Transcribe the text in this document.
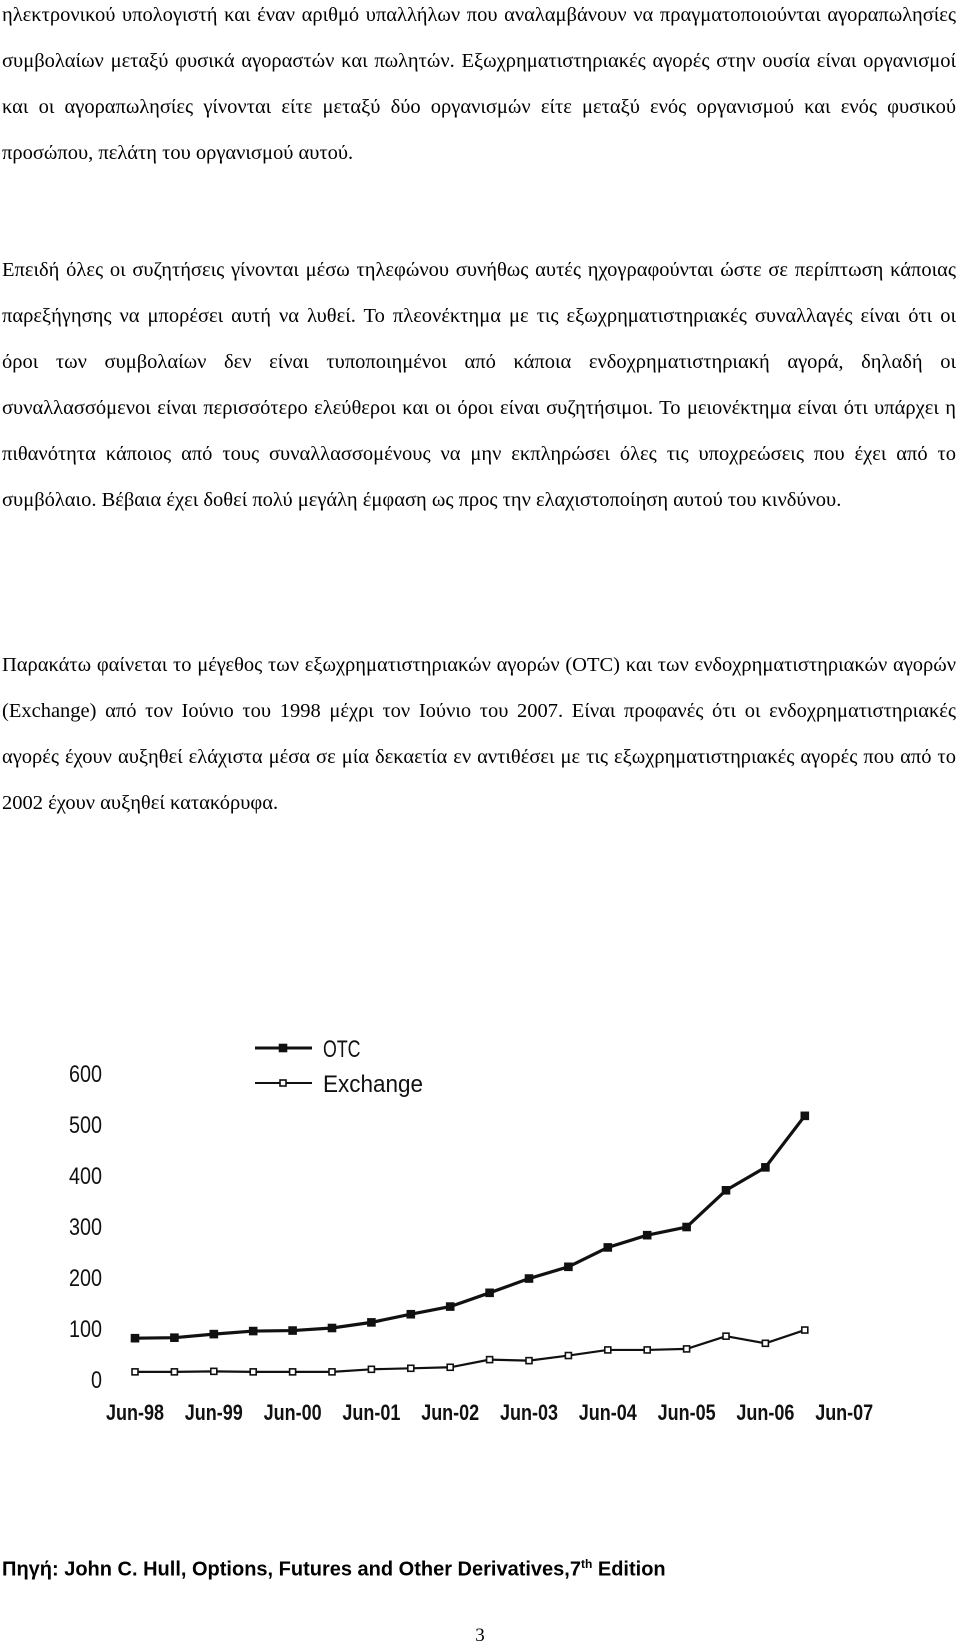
ηλεκτρονικού υπολογιστή και έναν αριθμό υπαλλήλων που αναλαμβάνουν να πραγματοποιούνται αγοραπωλησίες συμβολαίων μεταξύ φυσικά αγοραστών και πωλητών. Εξωχρηματιστηριακές αγορές στην ουσία είναι οργανισμοί και οι αγοραπωλησίες γίνονται είτε μεταξύ δύο οργανισμών είτε μεταξύ ενός οργανισμού και ενός φυσικού προσώπου, πελάτη του οργανισμού αυτού.

Επειδή όλες οι συζητήσεις γίνονται μέσω τηλεφώνου συνήθως αυτές ηχογραφούνται ώστε σε περίπτωση κάποιας παρεξήγησης να μπορέσει αυτή να λυθεί. Το πλεονέκτημα με τις εξωχρηματιστηριακές συναλλαγές είναι ότι οι όροι των συμβολαίων δεν είναι τυποποιημένοι από κάποια ενδοχρηματιστηριακή αγορά, δηλαδή οι συναλλασσόμενοι είναι περισσότερο ελεύθεροι και οι όροι είναι συζητήσιμοι. Το μειονέκτημα είναι ότι υπάρχει η πιθανότητα κάποιος από τους συναλλασσομένους να μην εκπληρώσει όλες τις υποχρεώσεις που έχει από το συμβόλαιο. Βέβαια έχει δοθεί πολύ μεγάλη έμφαση ως προς την ελαχιστοποίηση αυτού του κινδύνου.

Παρακάτω φαίνεται το μέγεθος των εξωχρηματιστηριακών αγορών (OTC) και των ενδοχρηματιστηριακών αγορών (Exchange) από τον Ιούνιο του 1998 μέχρι τον Ιούνιο του 2007. Είναι προφανές ότι οι ενδοχρηματιστηριακές αγορές έχουν αυξηθεί ελάχιστα μέσα σε μία δεκαετία εν αντιθέσει με τις εξωχρηματιστηριακές αγορές που από το 2002 έχουν αυξηθεί κατακόρυφα.

0
100
200
300
400
500
600
Jun-98 Jun-99 Jun-00 Jun-01 Jun-02 Jun-03 Jun-04 Jun-05 Jun-06 Jun-07
OTC
Exchange

Πηγή: John C. Hull, Options, Futures and Other Derivatives,7th Edition

3
